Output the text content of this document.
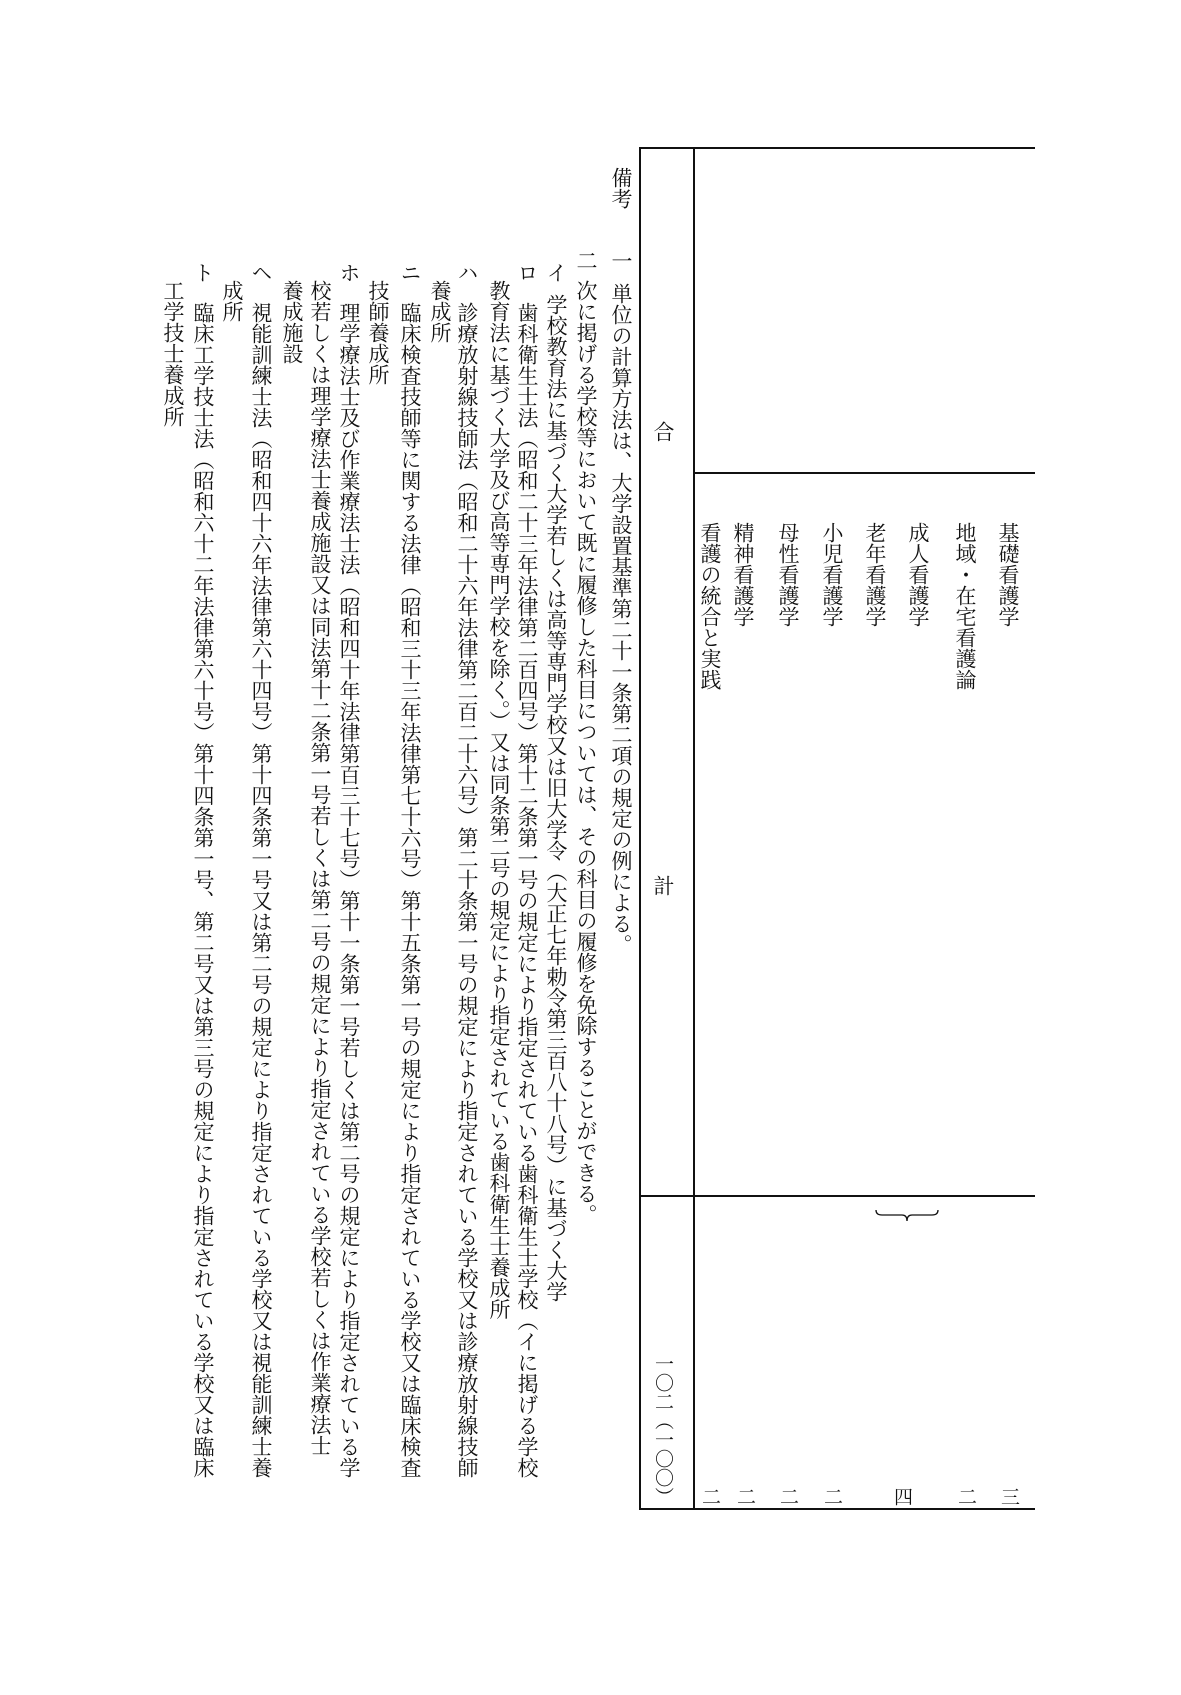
合
計
一〇二（一〇〇）
基礎看護学
地域・在宅看護論
成人看護学
老年看護学
小児看護学
母性看護学
精神看護学
看護の統合と実践
三
二
四
二
二
二
二
備考
一
単位の計算方法は、大学設置基準第二十一条第二項の規定の例による。
二
次に掲げる学校等において既に履修した科目については、その科目の履修を免除することができる。
イ
学校教育法に基づく大学若しくは高等専門学校又は旧大学令（大正七年勅令第三百八十八号）に基づく大学
ロ
歯科衛生士法（昭和二十三年法律第二百四号）第十二条第一号の規定により指定されている歯科衛生士学校（イに掲げる学校
教育法に基づく大学及び高等専門学校を除く。）又は同条第二号の規定により指定されている歯科衛生士養成所
ハ
診療放射線技師法（昭和二十六年法律第二百二十六号）第二十条第一号の規定により指定されている学校又は診療放射線技師
養成所
ニ
臨床検査技師等に関する法律（昭和三十三年法律第七十六号）第十五条第一号の規定により指定されている学校又は臨床検査
技師養成所
ホ
理学療法士及び作業療法士法（昭和四十年法律第百三十七号）第十一条第一号若しくは第二号の規定により指定されている学
校若しくは理学療法士養成施設又は同法第十二条第一号若しくは第二号の規定により指定されている学校若しくは作業療法士
養成施設
ヘ
視能訓練士法（昭和四十六年法律第六十四号）第十四条第一号又は第二号の規定により指定されている学校又は視能訓練士養
成所
ト
臨床工学技士法（昭和六十二年法律第六十号）第十四条第一号、第二号又は第三号の規定により指定されている学校又は臨床
工学技士養成所
